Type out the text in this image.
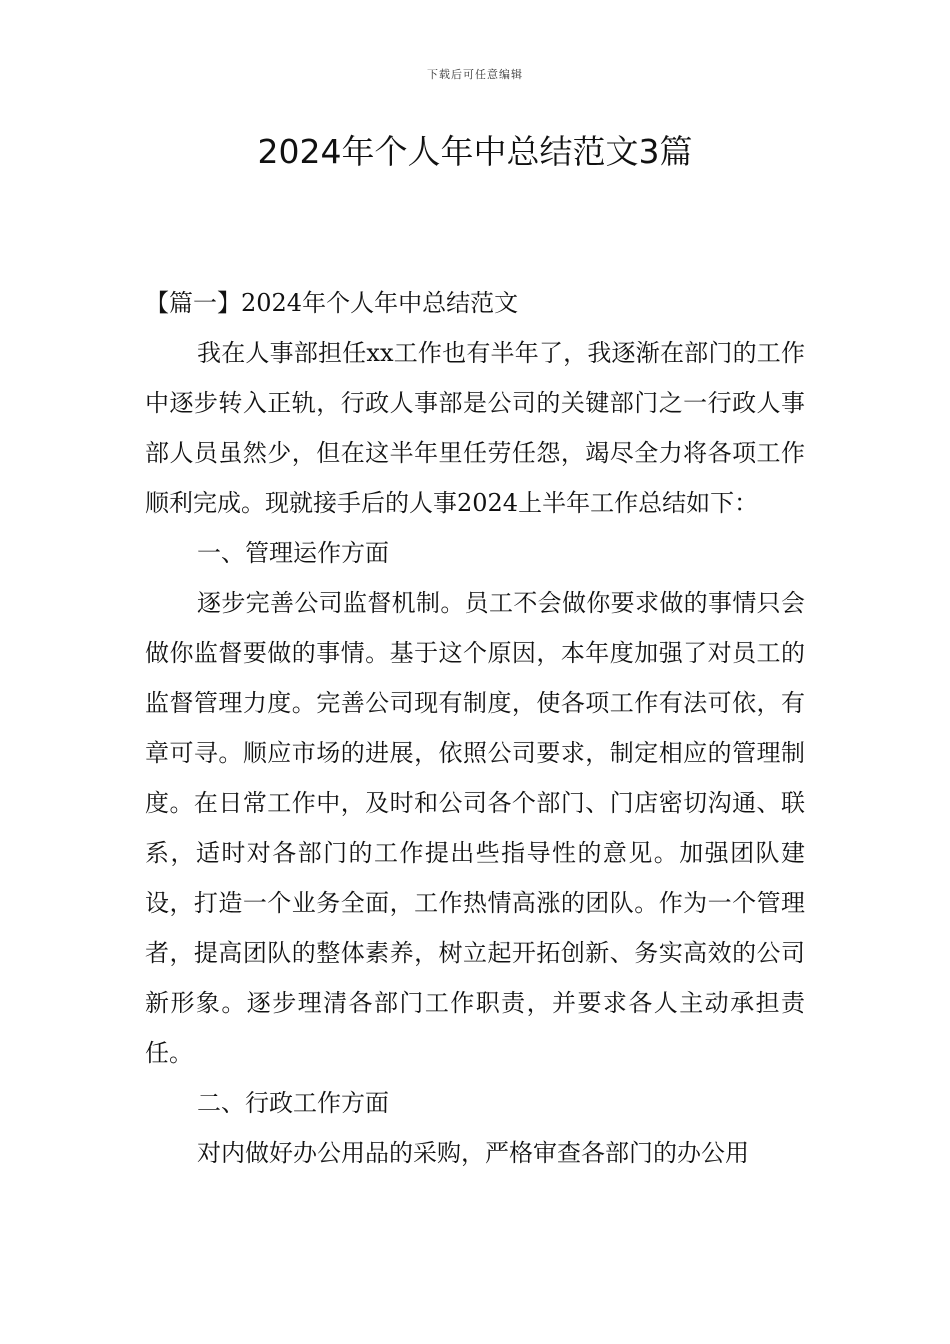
下载后可任意编辑
2024年个人年中总结范文3篇

【篇一】2024年个人年中总结范文

我在人事部担任xx工作也有半年了，我逐渐在部门的工作中逐步转入正轨，行政人事部是公司的关键部门之一行政人事部人员虽然少，但在这半年里任劳任怨，竭尽全力将各项工作顺利完成。现就接手后的人事2024上半年工作总结如下：

一、管理运作方面

逐步完善公司监督机制。员工不会做你要求做的事情只会做你监督要做的事情。基于这个原因，本年度加强了对员工的监督管理力度。完善公司现有制度，使各项工作有法可依，有章可寻。顺应市场的进展，依照公司要求，制定相应的管理制度。在日常工作中，及时和公司各个部门、门店密切沟通、联系，适时对各部门的工作提出些指导性的意见。加强团队建设，打造一个业务全面，工作热情高涨的团队。作为一个管理者，提高团队的整体素养，树立起开拓创新、务实高效的公司新形象。逐步理清各部门工作职责，并要求各人主动承担责任。

二、行政工作方面

对内做好办公用品的采购，严格审查各部门的办公用
